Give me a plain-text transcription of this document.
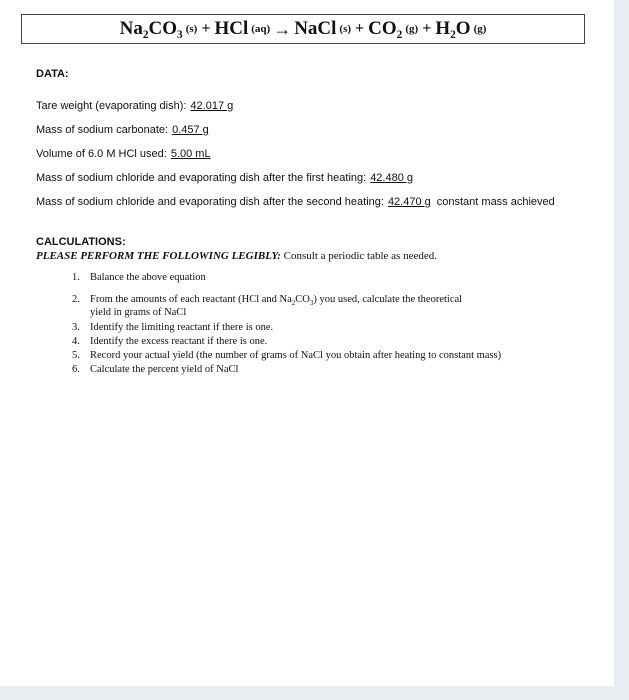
Na₂CO₃ (s) + HCl (aq) → NaCl (s) + CO₂ (g) + H₂O (g)
DATA:
Tare weight (evaporating dish): 42.017 g
Mass of sodium carbonate: 0.457 g
Volume of 6.0 M HCl used: 5.00 mL
Mass of sodium chloride and evaporating dish after the first heating: 42.480 g
Mass of sodium chloride and evaporating dish after the second heating: 42.470 g constant mass achieved
CALCULATIONS:
PLEASE PERFORM THE FOLLOWING LEGIBLY: Consult a periodic table as needed.
1. Balance the above equation
2. From the amounts of each reactant (HCl and $Na_2CO_3$) you used, calculate the theoretical
yield in grams of NaCl
3. Identify the limiting reactant if there is one.
4. Identify the excess reactant if there is one.
5. Record your actual yield (the number of grams of NaCl you obtain after heating to constant mass)
6. Calculate the percent yield of NaCl
